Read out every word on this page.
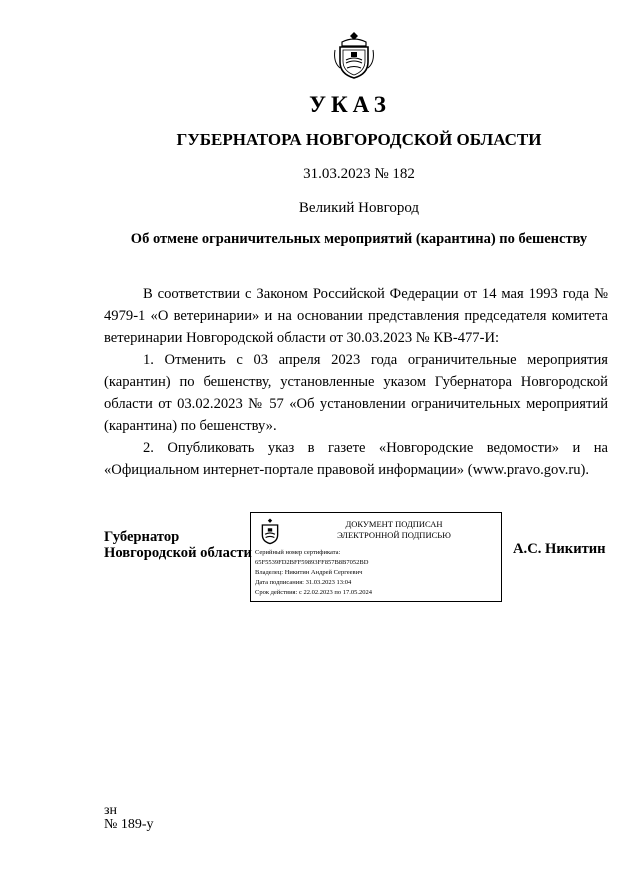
УКАЗ
ГУБЕРНАТОРА НОВГОРОДСКОЙ ОБЛАСТИ
31.03.2023 № 182
Великий Новгород
Об отмене ограничительных мероприятий (карантина) по бешенству

В соответствии с Законом Российской Федерации от 14 мая 1993 года № 4979-1 «О ветеринарии» и на основании представления председателя комитета ветеринарии Новгородской области от 30.03.2023 № КВ-477-И:

1. Отменить с 03 апреля 2023 года ограничительные мероприятия (карантин) по бешенству, установленные указом Губернатора Новгородской области от 03.02.2023 № 57 «Об установлении ограничительных мероприятий (карантина) по бешенству».

2. Опубликовать указ в газете «Новгородские ведомости» и на «Официальном интернет-портале правовой информации» (www.pravo.gov.ru).

Губернатор
Новгородской области
ДОКУМЕНТ ПОДПИСАН
ЭЛЕКТРОННОЙ ПОДПИСЬЮ
Серийный номер сертификата:
65F5539FD2BFF59893FF857B8B7052BD
Владелец: Никитин Андрей Сергеевич
Дата подписания: 31.03.2023 13:04
Срок действия: с 22.02.2023 по 17.05.2024
А.С. Никитин
зн
№ 189-у
